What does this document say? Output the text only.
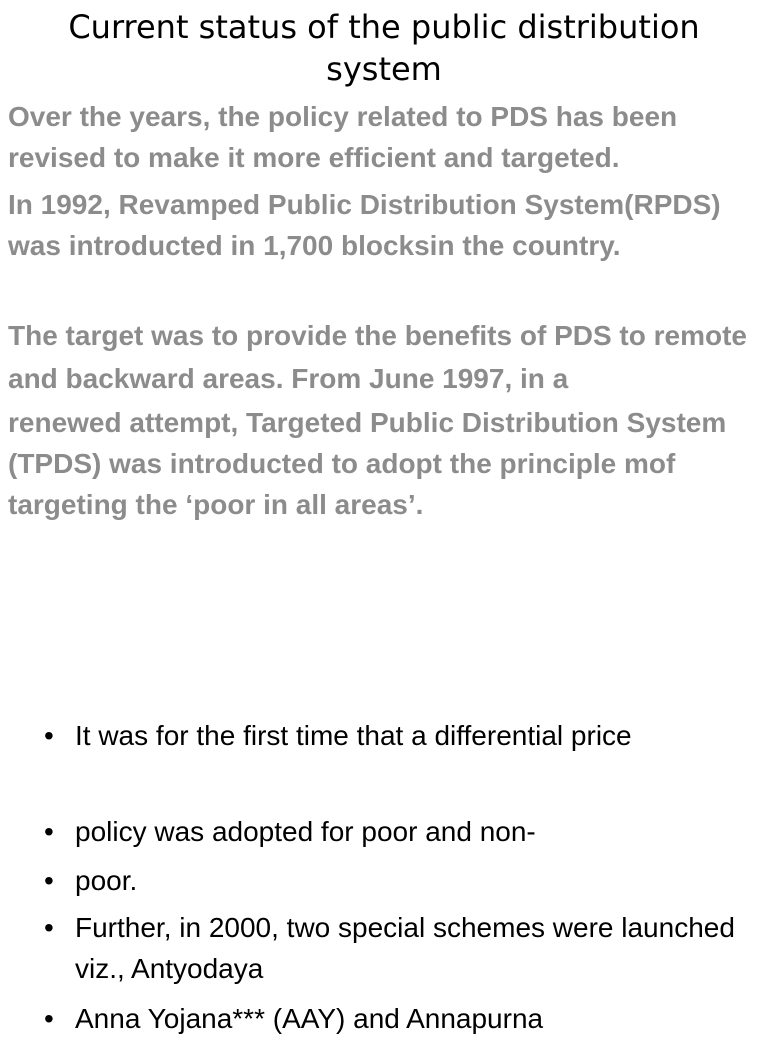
Current status of the public distribution system

Over the years, the policy related to PDS has been revised to make it more efficient and targeted.

In 1992, Revamped Public Distribution System(RPDS) was introducted in 1,700 blocksin the country.

The target was to provide the benefits of PDS to remote and backward areas. From June 1997, in a

renewed attempt, Targeted Public Distribution System (TPDS) was introducted to adopt the principle mof targeting the ‘poor in all areas’.

• It was for the first time that a differential price
• policy was adopted for poor and non-
• poor.
• Further, in 2000, two special schemes were launched viz., Antyodaya
• Anna Yojana*** (AAY) and Annapurna
